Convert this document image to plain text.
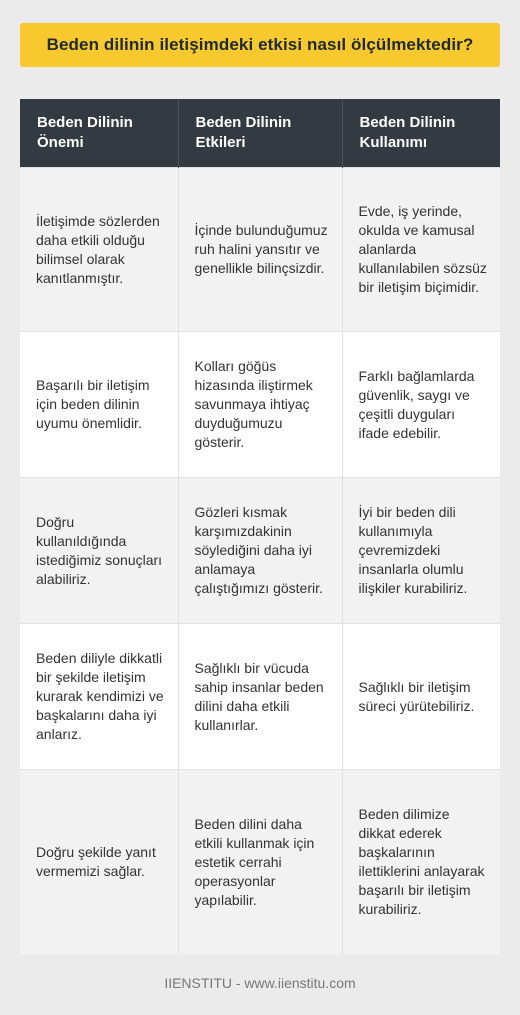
Beden dilinin iletişimdeki etkisi nasıl ölçülmektedir?
Beden Dilinin Önemi	Beden Dilinin Etkileri	Beden Dilinin Kullanımı
İletişimde sözlerden daha etkili olduğu bilimsel olarak kanıtlanmıştır.	İçinde bulunduğumuz ruh halini yansıtır ve genellikle bilinçsizdir.	Evde, iş yerinde, okulda ve kamusal alanlarda kullanılabilen sözsüz bir iletişim biçimidir.
Başarılı bir iletişim için beden dilinin uyumu önemlidir.	Kolları göğüs hizasında iliştirmek savunmaya ihtiyaç duyduğumuzu gösterir.	Farklı bağlamlarda güvenlik, saygı ve çeşitli duyguları ifade edebilir.
Doğru kullanıldığında istediğimiz sonuçları alabiliriz.	Gözleri kısmak karşımızdakinin söylediğini daha iyi anlamaya çalıştığımızı gösterir.	İyi bir beden dili kullanımıyla çevremizdeki insanlarla olumlu ilişkiler kurabiliriz.
Beden diliyle dikkatli bir şekilde iletişim kurarak kendimizi ve başkalarını daha iyi anlarız.	Sağlıklı bir vücuda sahip insanlar beden dilini daha etkili kullanırlar.	Sağlıklı bir iletişim süreci yürütebiliriz.
Doğru şekilde yanıt vermemizi sağlar.	Beden dilini daha etkili kullanmak için estetik cerrahi operasyonlar yapılabilir.	Beden dilimize dikkat ederek başkalarının ilettiklerini anlayarak başarılı bir iletişim kurabiliriz.
IIENSTITU - www.iienstitu.com
